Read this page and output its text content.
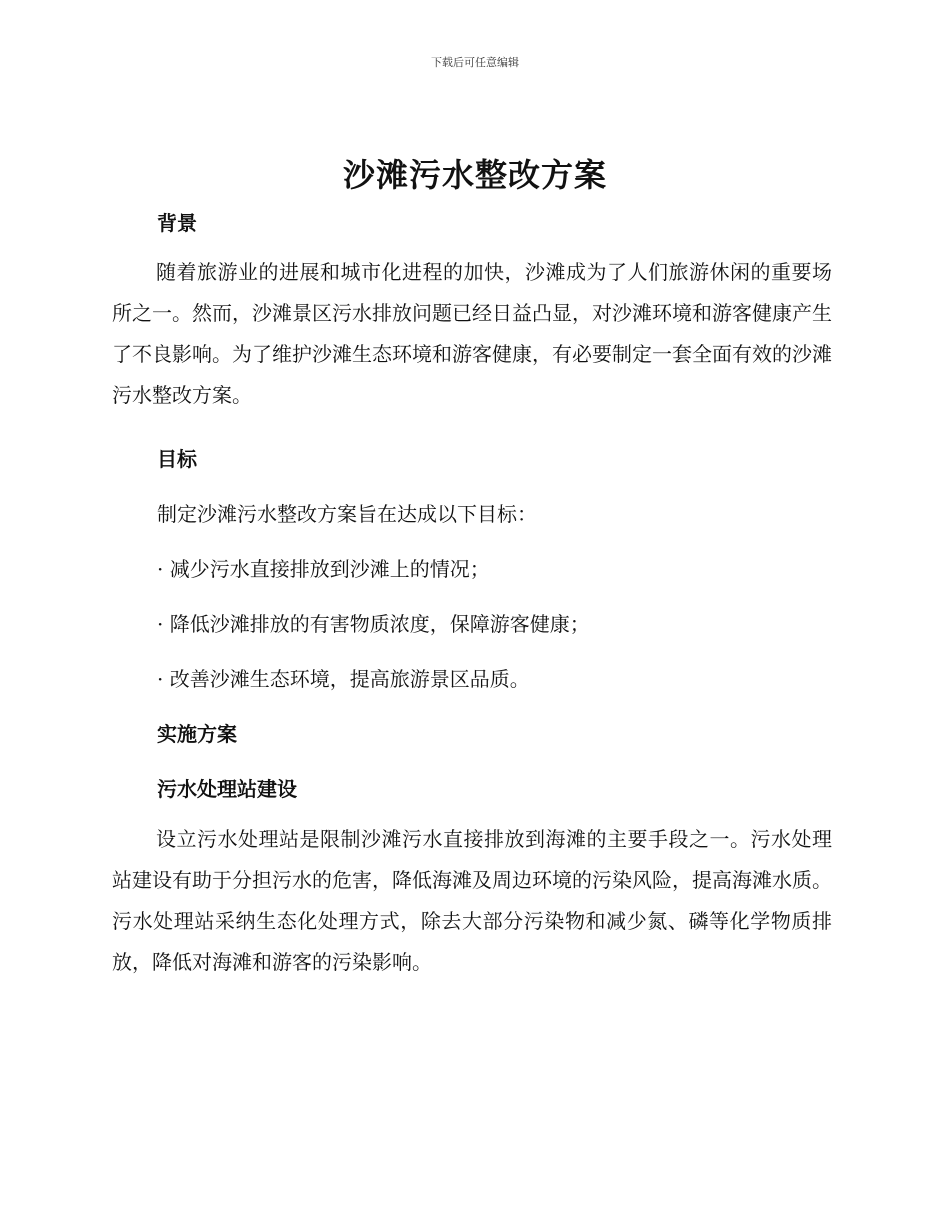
下载后可任意编辑
沙滩污水整改方案
背景
随着旅游业的进展和城市化进程的加快，沙滩成为了人们旅游休闲的重要场所之一。然而，沙滩景区污水排放问题已经日益凸显，对沙滩环境和游客健康产生了不良影响。为了维护沙滩生态环境和游客健康，有必要制定一套全面有效的沙滩污水整改方案。
目标
制定沙滩污水整改方案旨在达成以下目标：
· 减少污水直接排放到沙滩上的情况；
· 降低沙滩排放的有害物质浓度，保障游客健康；
· 改善沙滩生态环境，提高旅游景区品质。
实施方案
污水处理站建设
设立污水处理站是限制沙滩污水直接排放到海滩的主要手段之一。污水处理站建设有助于分担污水的危害，降低海滩及周边环境的污染风险，提高海滩水质。污水处理站采纳生态化处理方式，除去大部分污染物和减少氮、磷等化学物质排放，降低对海滩和游客的污染影响。
